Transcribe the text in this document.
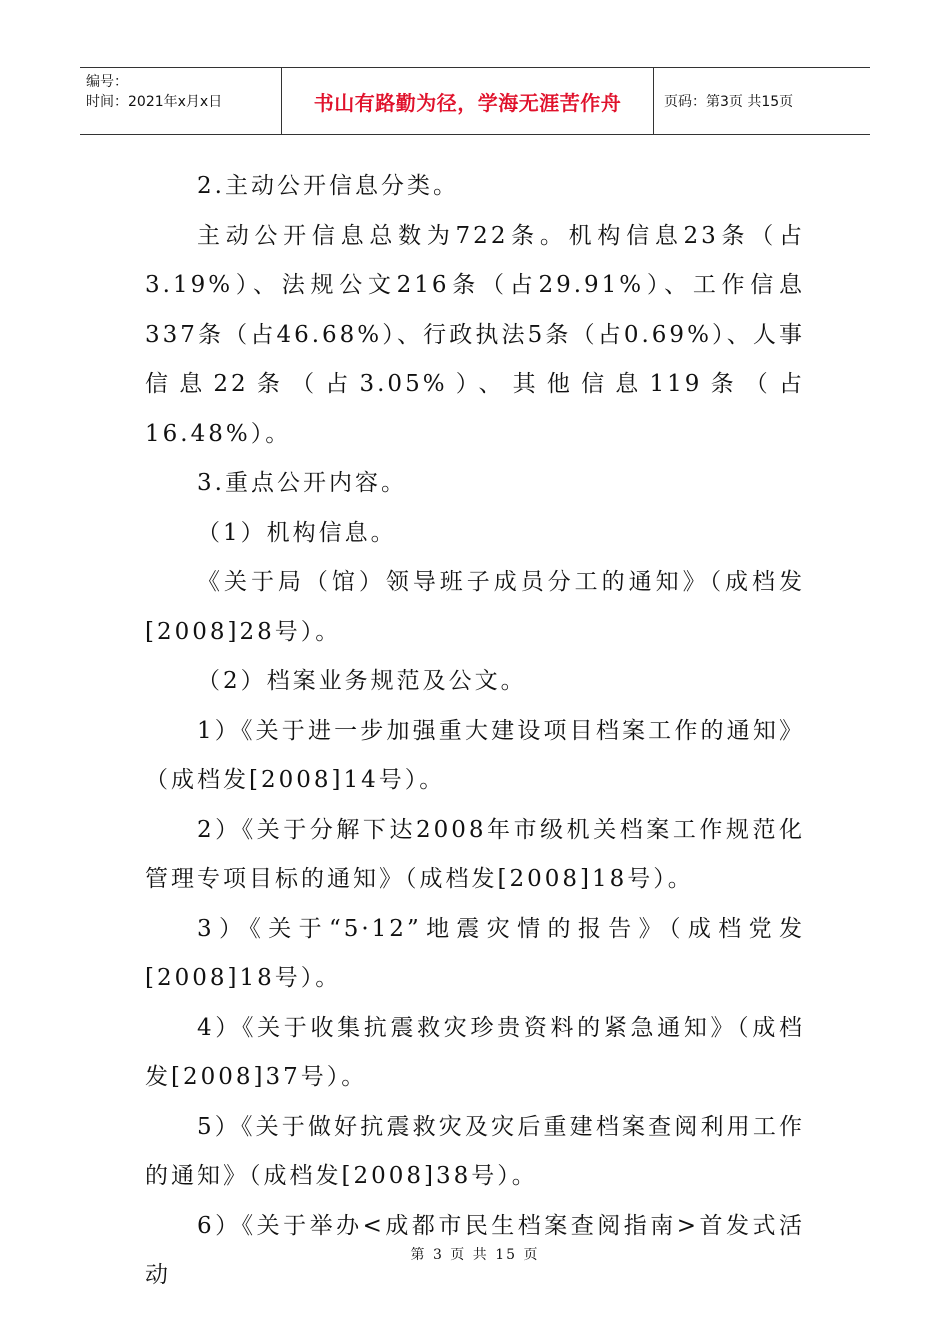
编号：
时间：2021年x月x日	书山有路勤为径，学海无涯苦作舟	页码：第3页 共15页

2.主动公开信息分类。

主动公开信息总数为722条。机构信息23条（占3.19%）、法规公文216条（占29.91%）、工作信息337条（占46.68%）、行政执法5条（占0.69%）、人事信息22条（占3.05%）、其他信息119条（占16.48%）。

3.重点公开内容。

（1）机构信息。

《关于局（馆）领导班子成员分工的通知》（成档发[2008]28号）。

（2）档案业务规范及公文。

1）《关于进一步加强重大建设项目档案工作的通知》（成档发[2008]14号）。

2）《关于分解下达2008年市级机关档案工作规范化管理专项目标的通知》（成档发[2008]18号）。

3）《关于“5·12”地震灾情的报告》（成档党发[2008]18号）。

4）《关于收集抗震救灾珍贵资料的紧急通知》（成档发[2008]37号）。

5）《关于做好抗震救灾及灾后重建档案查阅利用工作的通知》（成档发[2008]38号）。

6）《关于举办<成都市民生档案查阅指南>首发式活动

第 3 页 共 15 页
